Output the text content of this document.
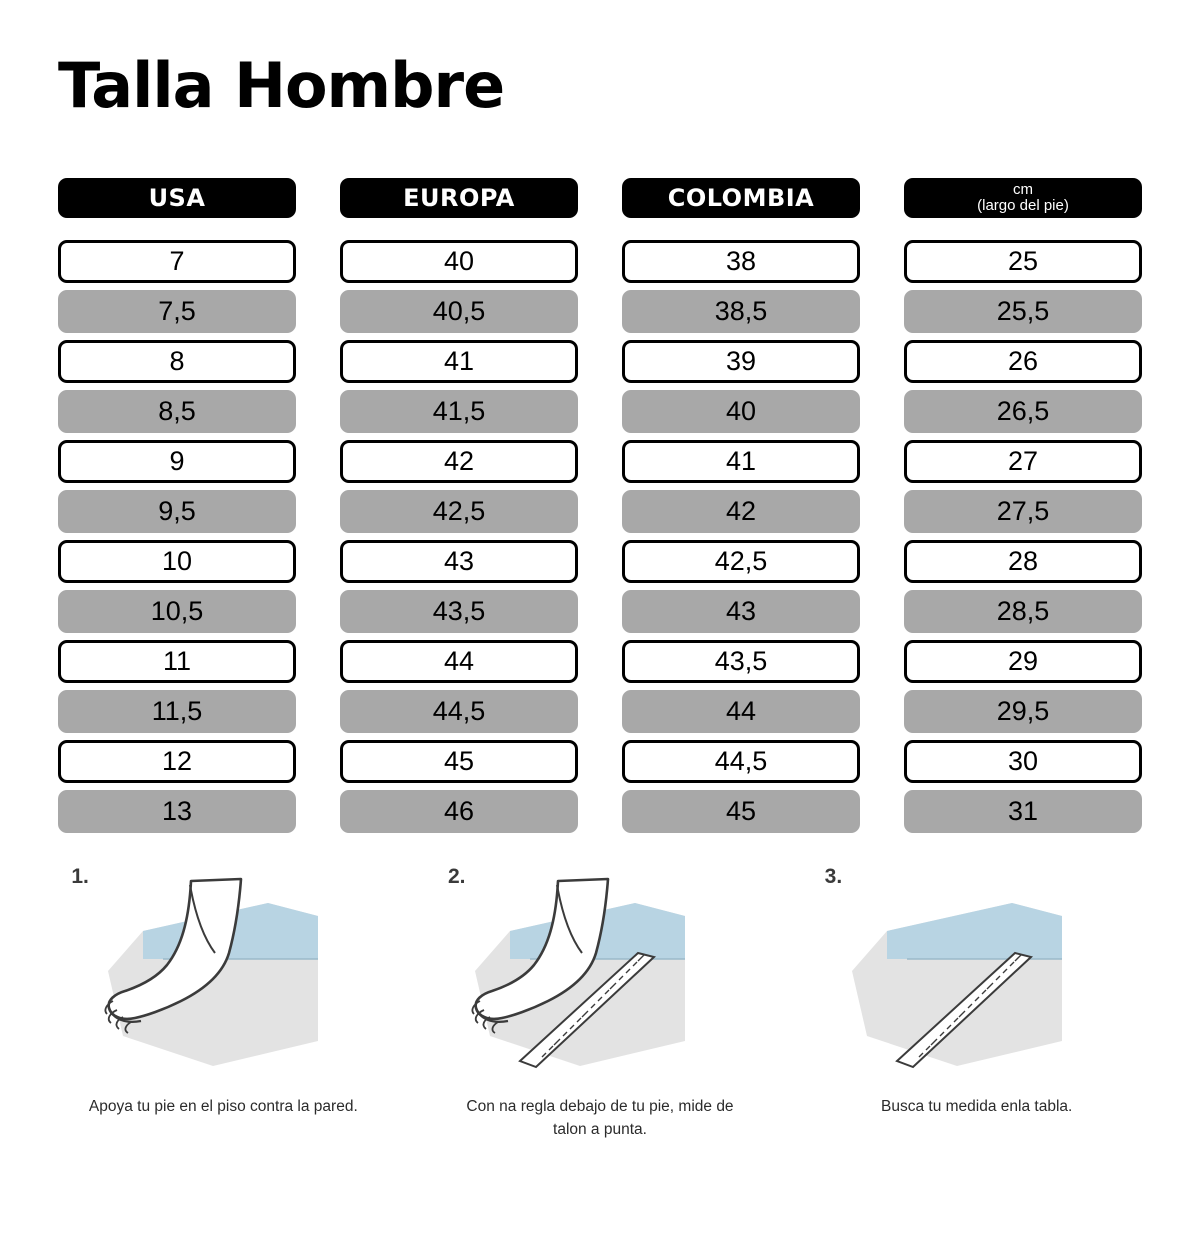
Talla Hombre
USA
7
7,5
8
8,5
9
9,5
10
10,5
11
11,5
12
13
EUROPA
40
40,5
41
41,5
42
42,5
43
43,5
44
44,5
45
46
COLOMBIA
38
38,5
39
40
41
42
42,5
43
43,5
44
44,5
45
cm
(largo del pie)
25
25,5
26
26,5
27
27,5
28
28,5
29
29,5
30
31
1.
Apoya tu pie en el piso contra la pared.
2.
Con na regla debajo de tu pie, mide de talon a punta.
3.
Busca tu medida enla tabla.
